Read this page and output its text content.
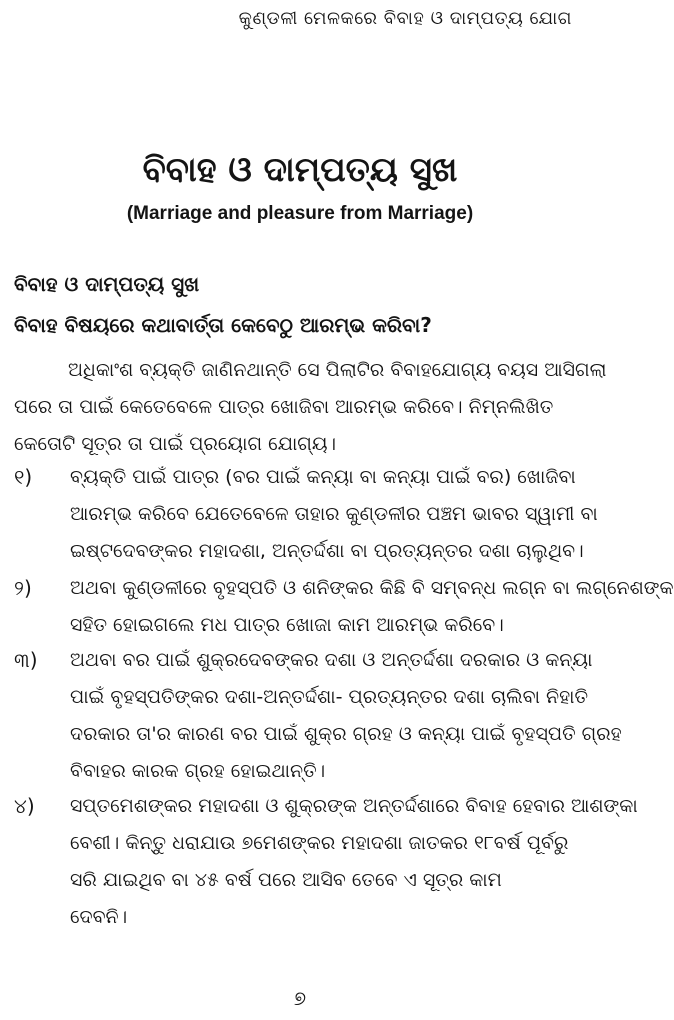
କୁଣ୍ଡଳୀ ମେଳକରେ ବିବାହ ଓ ଦାମ୍ପତ୍ୟ ଯୋଗ
ବିବାହ ଓ ଦାମ୍ପତ୍ୟ ସୁଖ
(Marriage and pleasure from Marriage)
ବିବାହ ଓ ଦାମ୍ପତ୍ୟ ସୁଖ
ବିବାହ ବିଷୟରେ କଥାବାର୍ତ୍ତା କେବେଠୁ ଆରମ୍ଭ କରିବା?
ଅଧିକାଂଶ ବ୍ୟକ୍ତି ଜାଣିନଥାନ୍ତି ସେ ପିଲାଟିର ବିବାହଯୋଗ୍ୟ ବୟସ ଆସିଗଲା
ପରେ ତା ପାଇଁ କେତେବେଳେ ପାତ୍ର ଖୋଜିବା ଆରମ୍ଭ କରିବେ। ନିମ୍ନଲିଖିତ
କେତୋଟି ସୂତ୍ର ତା ପାଇଁ ପ୍ରୟୋଗ ଯୋଗ୍ୟ।
୧) ବ୍ୟକ୍ତି ପାଇଁ ପାତ୍ର (ବର ପାଇଁ କନ୍ୟା ବା କନ୍ୟା ପାଇଁ ବର) ଖୋଜିବା
ଆରମ୍ଭ କରିବେ ଯେତେବେଳେ ତାହାର କୁଣ୍ଡଳୀର ପଞ୍ଚମ ଭାବର ସ୍ୱାମୀ ବା
ଇଷ୍ଟଦେବଙ୍କର ମହାଦଶା, ଅନ୍ତର୍ଦ୍ଦଶା ବା ପ୍ରତ୍ୟନ୍ତର ଦଶା ଚାଲୁଥିବ।
୨) ଅଥବା କୁଣ୍ଡଳୀରେ ବୃହସ୍ପତି ଓ ଶନିଙ୍କର କିଛି ବି ସମ୍ବନ୍ଧ ଲଗ୍ନ ବା ଲଗ୍ନେଶଙ୍କ
ସହିତ ହୋଇଗଲେ ମଧ ପାତ୍ର ଖୋଜା କାମ ଆରମ୍ଭ କରିବେ।
୩) ଅଥବା ବର ପାଇଁ ଶୁକ୍ରଦେବଙ୍କର ଦଶା ଓ ଅନ୍ତର୍ଦ୍ଦଶା ଦରକାର ଓ କନ୍ୟା
ପାଇଁ ବୃହସ୍ପତିଙ୍କର ଦଶା-ଅନ୍ତର୍ଦ୍ଦଶା- ପ୍ରତ୍ୟନ୍ତର ଦଶା ଚାଲିବା ନିହାତି
ଦରକାର ତା'ର କାରଣ ବର ପାଇଁ ଶୁକ୍ର ଗ୍ରହ ଓ କନ୍ୟା ପାଇଁ ବୃହସ୍ପତି ଗ୍ରହ
ବିବାହର କାରକ ଗ୍ରହ ହୋଇଥାନ୍ତି।
୪) ସପ୍ତମେଶଙ୍କର ମହାଦଶା ଓ ଶୁକ୍ରଙ୍କ ଅନ୍ତର୍ଦ୍ଦଶାରେ ବିବାହ ହେବାର ଆଶଙ୍କା
ବେଶୀ। କିନ୍ତୁ ଧରାଯାଉ ୭ମେଶଙ୍କର ମହାଦଶା ଜାତକର ୧୮ବର୍ଷ ପୂର୍ବରୁ
ସରି ଯାଇଥିବ ବା ୪୫ ବର୍ଷ ପରେ ଆସିବ ତେବେ ଏ ସୂତ୍ର କାମ
ଦେବନି।
୭
